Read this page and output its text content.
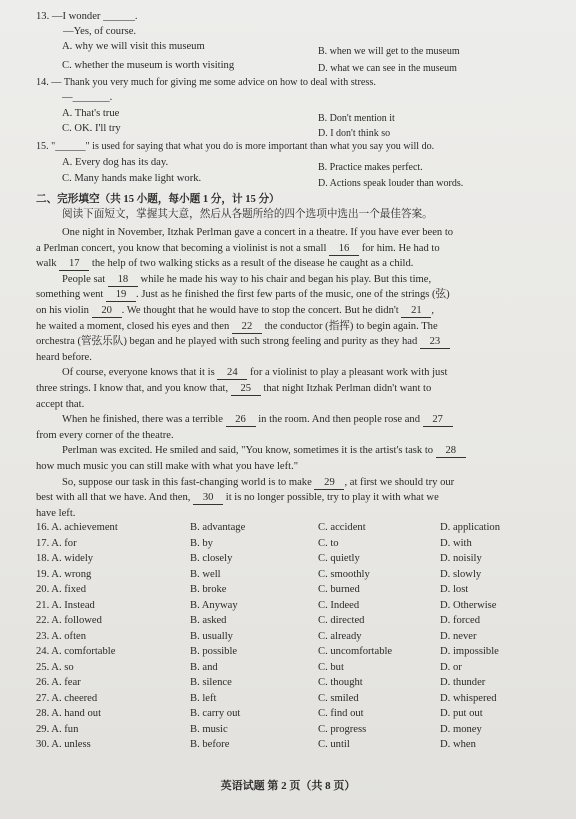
13. —I wonder ______.
—Yes, of course.
A. why we will visit this museum	B. when we will get to the museum
C. whether the museum is worth visiting	D. what we can see in the museum
14. — Thank you very much for giving me some advice on how to deal with stress.
—_______.
A. That's true	B. Don't mention it
C. OK. I'll try	D. I don't think so
15. "______" is used for saying that what you do is more important than what you say you will do.
A. Every dog has its day.	B. Practice makes perfect.
C. Many hands make light work.	D. Actions speak louder than words.
二、完形填空（共 15 小题，每小题 1 分，计 15 分）
阅读下面短文，掌握其大意，然后从各题所给的四个选项中选出一个最佳答案。
One night in November, Itzhak Perlman gave a concert in a theatre. If you have ever been to
a Perlman concert, you know that becoming a violinist is not a small 16 for him. He had to
walk 17 the help of two walking sticks as a result of the disease he caught as a child.
People sat 18 while he made his way to his chair and began his play. But this time,
something went 19 . Just as he finished the first few parts of the music, one of the strings (弦)
on his violin 20 . We thought that he would have to stop the concert. But he didn't 21 ,
he waited a moment, closed his eyes and then 22 the conductor (指挥) to begin again. The
orchestra (管弦乐队) began and he played with such strong feeling and purity as they had 23
heard before.
Of course, everyone knows that it is 24 for a violinist to play a pleasant work with just
three strings. I know that, and you know that, 25 that night Itzhak Perlman didn't want to
accept that.
When he finished, there was a terrible 26 in the room. And then people rose and 27
from every corner of the theatre.
Perlman was excited. He smiled and said, "You know, sometimes it is the artist's task to 28
how much music you can still make with what you have left."
So, suppose our task in this fast-changing world is to make 29 , at first we should try our
best with all that we have. And then, 30 it is no longer possible, try to play it with what we
have left.
16. A. achievement	B. advantage	C. accident	D. application
17. A. for	B. by	C. to	D. with
18. A. widely	B. closely	C. quietly	D. noisily
19. A. wrong	B. well	C. smoothly	D. slowly
20. A. fixed	B. broke	C. burned	D. lost
21. A. Instead	B. Anyway	C. Indeed	D. Otherwise
22. A. followed	B. asked	C. directed	D. forced
23. A. often	B. usually	C. already	D. never
24. A. comfortable	B. possible	C. uncomfortable	D. impossible
25. A. so	B. and	C. but	D. or
26. A. fear	B. silence	C. thought	D. thunder
27. A. cheered	B. left	C. smiled	D. whispered
28. A. hand out	B. carry out	C. find out	D. put out
29. A. fun	B. music	C. progress	D. money
30. A. unless	B. before	C. until	D. when
英语试题 第 2 页（共 8 页）
